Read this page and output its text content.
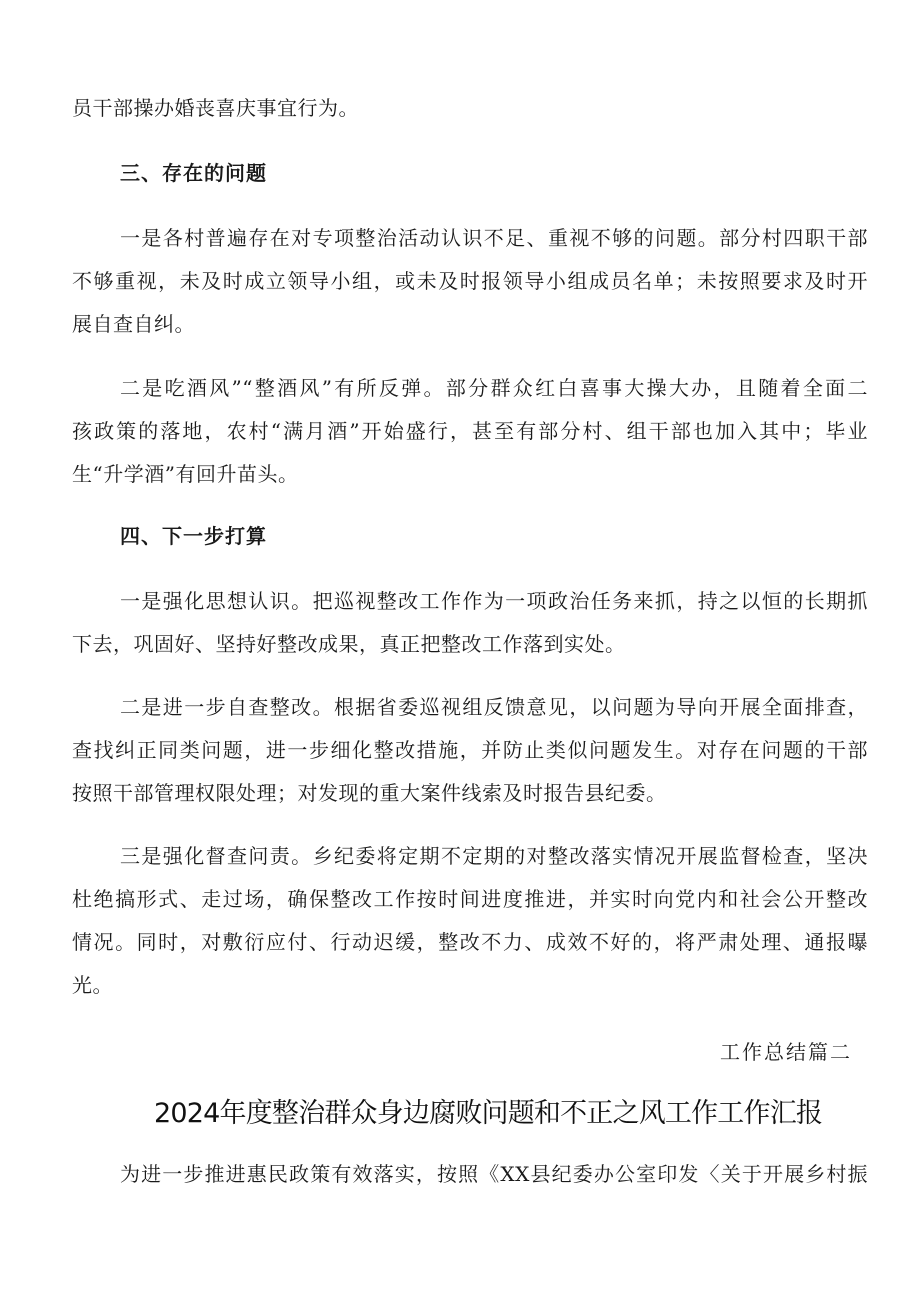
员干部操办婚丧喜庆事宜行为。
三、存在的问题
一是各村普遍存在对专项整治活动认识不足、重视不够的问题。部分村四职干部
不够重视，未及时成立领导小组，或未及时报领导小组成员名单；未按照要求及时开
展自查自纠。
二是吃酒风”“整酒风”有所反弹。部分群众红白喜事大操大办，且随着全面二
孩政策的落地，农村“满月酒”开始盛行，甚至有部分村、组干部也加入其中；毕业
生“升学酒”有回升苗头。
四、下一步打算
一是强化思想认识。把巡视整改工作作为一项政治任务来抓，持之以恒的长期抓
下去，巩固好、坚持好整改成果，真正把整改工作落到实处。
二是进一步自查整改。根据省委巡视组反馈意见，以问题为导向开展全面排查，
查找纠正同类问题，进一步细化整改措施，并防止类似问题发生。对存在问题的干部
按照干部管理权限处理；对发现的重大案件线索及时报告县纪委。
三是强化督查问责。乡纪委将定期不定期的对整改落实情况开展监督检查，坚决
杜绝搞形式、走过场，确保整改工作按时间进度推进，并实时向党内和社会公开整改
情况。同时，对敷衍应付、行动迟缓，整改不力、成效不好的，将严肃处理、通报曝
光。
工作总结篇二
2024年度整治群众身边腐败问题和不正之风工作工作汇报
为进一步推进惠民政策有效落实，按照《XX县纪委办公室印发〈关于开展乡村振
